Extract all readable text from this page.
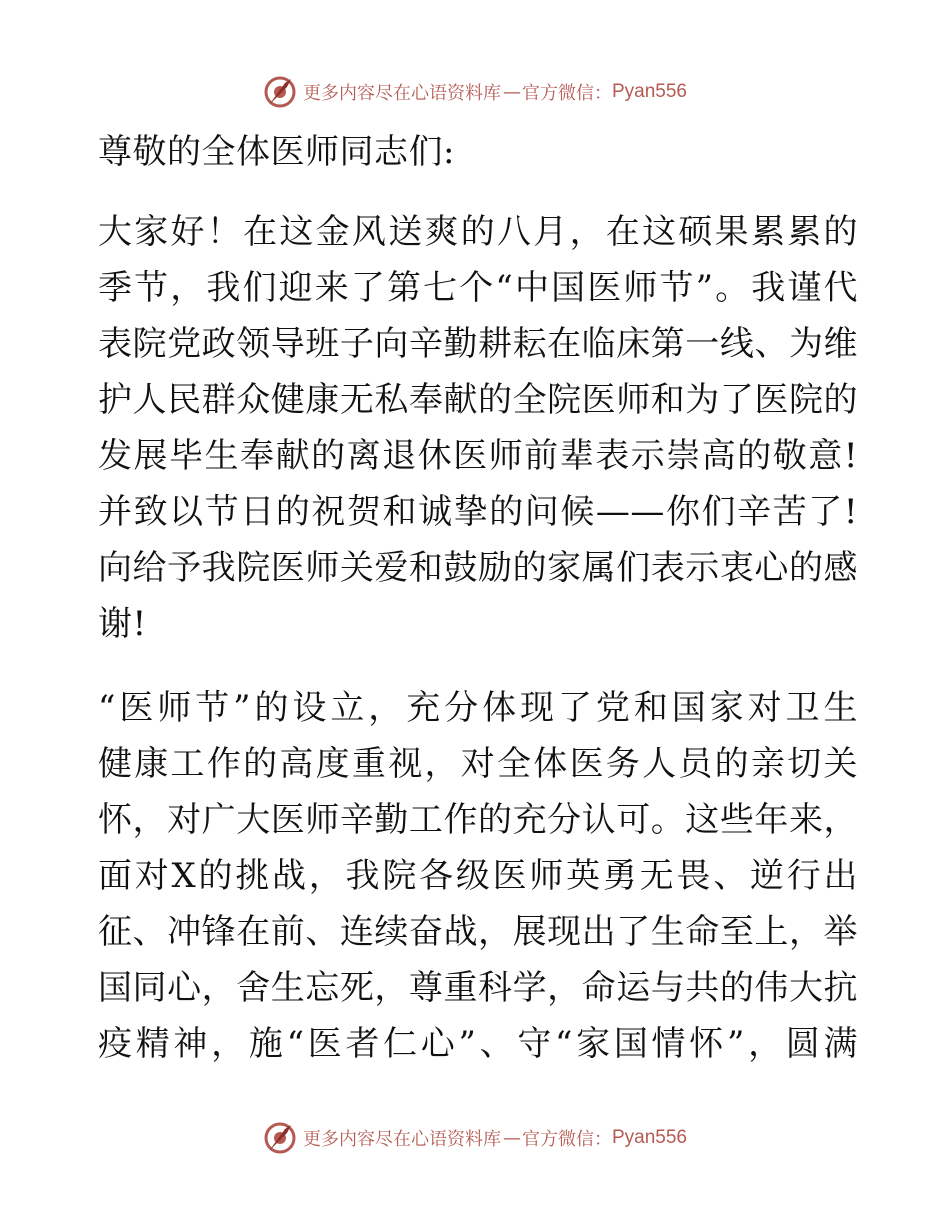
更多内容尽在心语资料库 — 官方微信： Pyan556
尊敬的全体医师同志们:
大家好！在这金风送爽的八月，在这硕果累累的
季节，我们迎来了第七个“中国医师节”。我谨代
表院党政领导班子向辛勤耕耘在临床第一线、为维
护人民群众健康无私奉献的全院医师和为了医院的
发展毕生奉献的离退休医师前辈表示崇高的敬意!
并致以节日的祝贺和诚挚的问候——你们辛苦了!
向给予我院医师关爱和鼓励的家属们表示衷心的感
谢!
“医师节”的设立，充分体现了党和国家对卫生
健康工作的高度重视，对全体医务人员的亲切关
怀，对广大医师辛勤工作的充分认可。这些年来，
面对X的挑战，我院各级医师英勇无畏、逆行出
征、冲锋在前、连续奋战，展现出了生命至上，举
国同心，舍生忘死，尊重科学，命运与共的伟大抗
疫精神，施“医者仁心”、守“家国情怀”，圆满
更多内容尽在心语资料库 — 官方微信： Pyan556
